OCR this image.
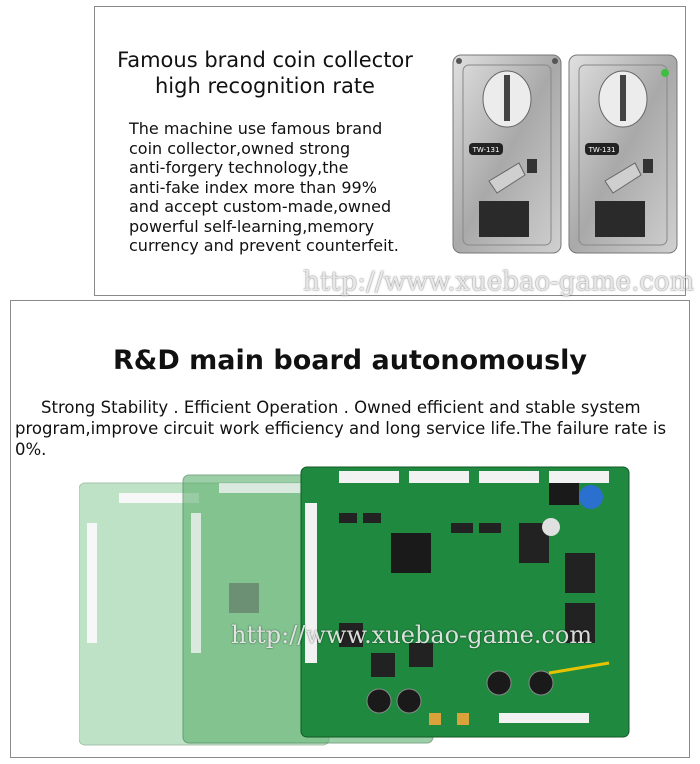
Famous brand coin collector
high recognition rate
The machine use famous brand
coin collector,owned strong
anti-forgery technology,the
anti-fake index more than 99%
and accept custom-made,owned
powerful self-learning,memory
currency and prevent counterfeit.
TW-131	TW-131
http://www.xuebao-game.com
R&D main board autonomously
Strong Stability . Efficient Operation . Owned efficient and stable system program,improve circuit work efficiency and long service life.The failure rate is 0%.
http://www.xuebao-game.com
